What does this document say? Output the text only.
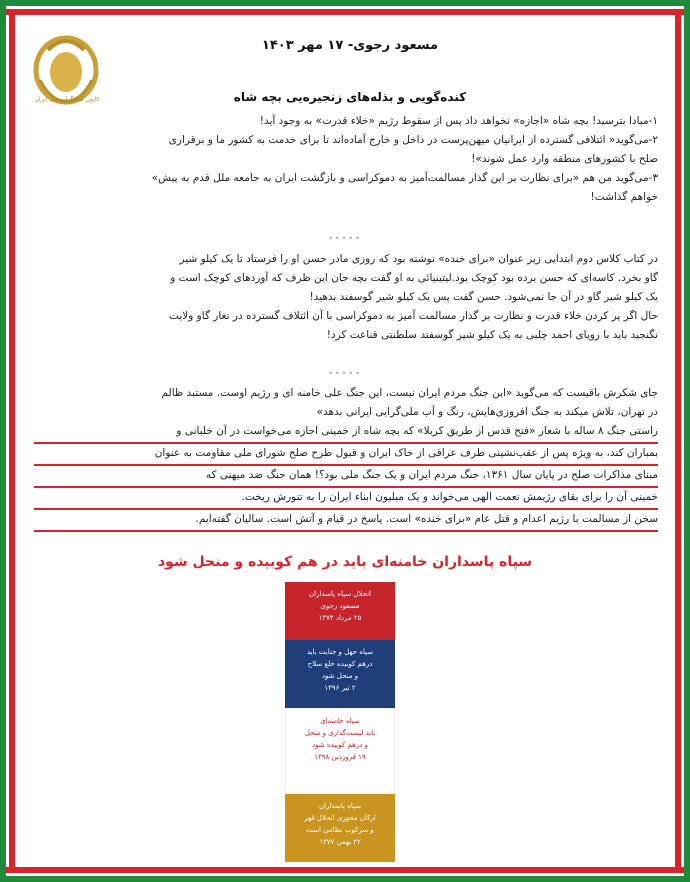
کانون کنشگران ملی ایران
مسعود رجوی- ۱۷ مهر ۱۴۰۳
کنده‌گویی و بذله‌های زنجیره‌یی بچه شاه
۱-مبادا بترسید! بچه شاه «اجازه» نخواهد داد پس از سقوط رژیم «خلاء قدرت» به وجود آید!
۲-می‌گوید« ائتلافی گسترده از ایرانیان میهن‌پرست در داخل و خارج آماده‌اند تا برای خدمت به کشور ما و برقراری
صلح با کشورهای منطقه وارد عمل شوند»!
۳-می‌گوید من هم «برای نظارت بر این گذار مسالمت‌آمیز به دموکراسی و بازگشت ایران به جامعه ملل قدم به پیش»
خواهم گذاشت!
•••••
در کتاب کلاس دوم ابتدایی زیر عنوان «برای خنده» نوشته بود که روزی مادر حسن او را فرستاد تا یک کیلو شیر
گاو بخرد. کاسه‌ای که حسن برده بود کوچک بود.لیتینیائی به او گفت بچه جان این ظرف که آوردهای کوچک است و
یک کیلو شیر گاو در آن جا نمی‌شود. حسن گفت پس یک کیلو شیر گوسفند بدهید!
حال اگر پر کردن خلاء قدرت و نظارت بر گذار مسالمت آمیز به دموکراسی با آن ائتلاف گسترده در تغار گاو ولایت
نگنجید باید با رویای احمد چلبی به یک کیلو شیر گوسفند سلطنتی قناعت کرد!
•••••
جای شکرش باقیست که می‌گوید «این جنگ مردم ایران نیست، این جنگ علی خامنه‌ ای و رژیم اوست. مستبد ظالم
در تهران، تلاش میکند به جنگ افروزی‌هایش، رنگ و آب ملی‌گرایی ایرانی بدهد»
راستی جنگ ۸ ساله با شعار «فتح قدس از طریق کربلا» که بچه شاه از خمینی اجازه می‌خواست در آن خلبانی و
بمباران کند، به ویژه پس از عقب‌نشینی طرف عراقی از خاک ایران و قبول طرح صلح شورای ملی مقاومت به عنوان
مبنای مذاکرات صلح در پایان سال ۱۳۶۱، جنگ مردم ایران و یک جنگ ملی بود؟! همان جنگ ضد میهنی که
خمینی آن را برای بقای رژیمش نعمت الهی می‌خواند و یک میلیون ابناء ایران را به تنورش ریخت.
سخن از مسالمت با رژیم اعدام و قتل عام «برای خنده» است. پاسخ در قیام و آتش است. سالیان گفته‌ایم.
سپاه پاسداران خامنه‌ای باید در هم کوبیده و منحل شود
انحلال سپاه پاسداران
مسعود رجوی
۲۵ مرداد ۱۳۷۴
سپاه جهل و جنایت باید
درهم کوبیده خلع سلاح
و منحل شود
۲ تیر ۱۳۹۶
سپاه خامنه‌ای
باید لیست‌گذاری و منحل
و درهم کوبیده شود
۱۹ فروردین ۱۳۹۸
سپاه پاسداران
ارکان محوری انحلال قهر
و سرکوب نظامی است
۲۲ بهمن ۱۳۷۷
